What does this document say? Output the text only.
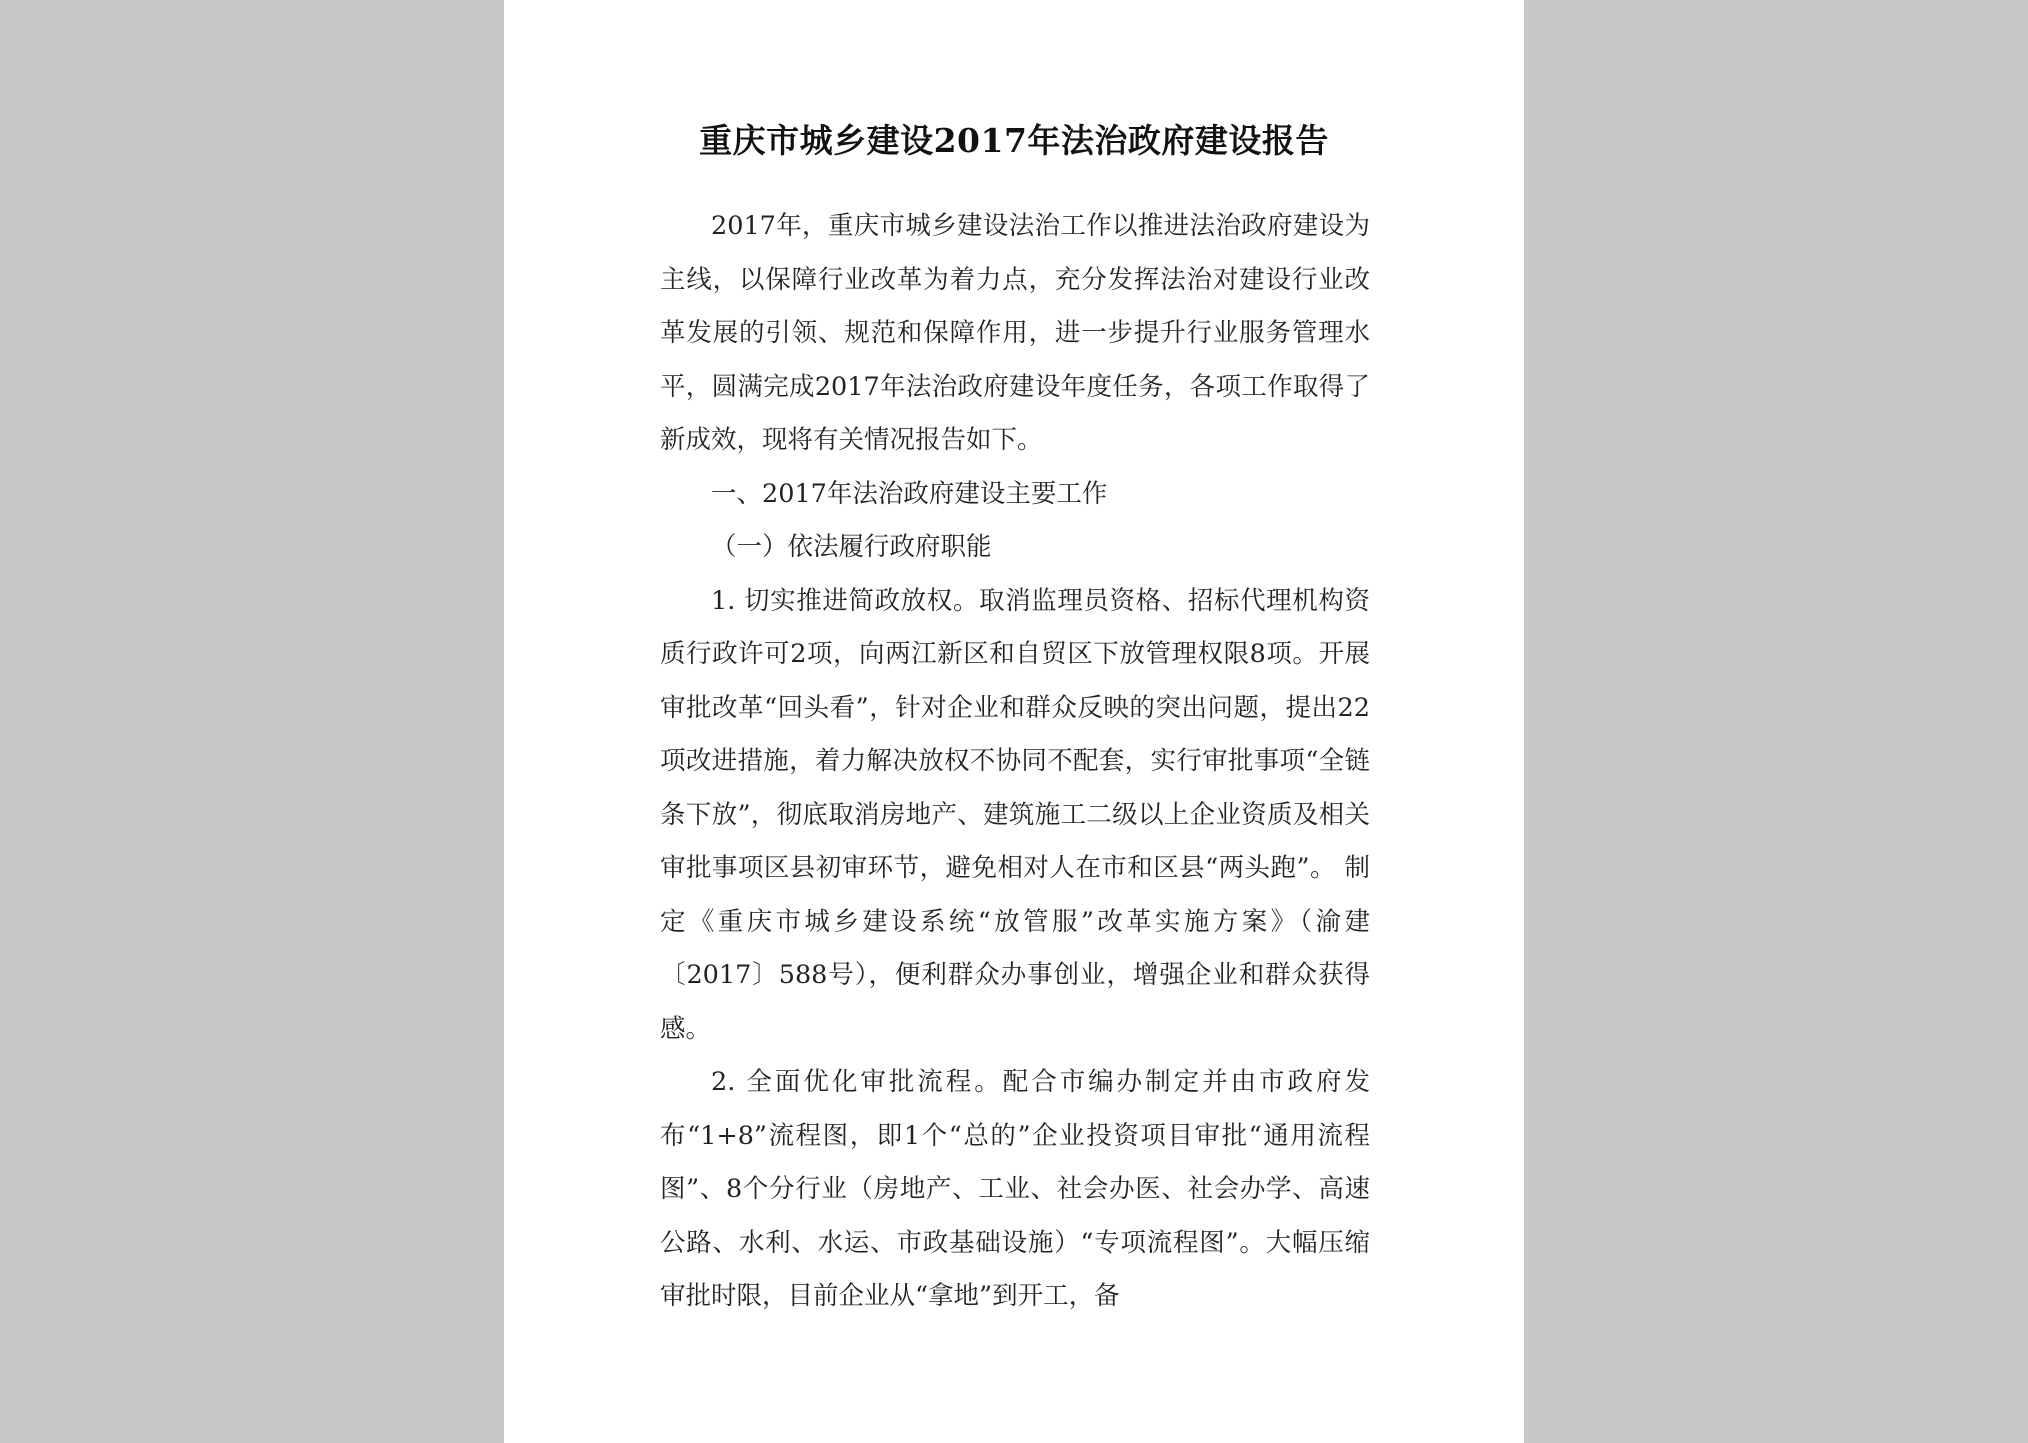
重庆市城乡建设2017年法治政府建设报告

2017年，重庆市城乡建设法治工作以推进法治政府建设为主线，以保障行业改革为着力点，充分发挥法治对建设行业改革发展的引领、规范和保障作用，进一步提升行业服务管理水平，圆满完成2017年法治政府建设年度任务，各项工作取得了新成效，现将有关情况报告如下。

一、2017年法治政府建设主要工作

（一）依法履行政府职能

1. 切实推进简政放权。取消监理员资格、招标代理机构资质行政许可2项，向两江新区和自贸区下放管理权限8项。开展审批改革“回头看”，针对企业和群众反映的突出问题，提出22项改进措施，着力解决放权不协同不配套，实行审批事项“全链条下放”，彻底取消房地产、建筑施工二级以上企业资质及相关审批事项区县初审环节，避免相对人在市和区县“两头跑”。 制定《重庆市城乡建设系统“放管服”改革实施方案》（渝建〔2017〕588号），便利群众办事创业，增强企业和群众获得感。

2. 全面优化审批流程。配合市编办制定并由市政府发布“1+8”流程图，即1个“总的”企业投资项目审批“通用流程图”、8个分行业（房地产、工业、社会办医、社会办学、高速公路、水利、水运、市政基础设施）“专项流程图”。大幅压缩审批时限，目前企业从“拿地”到开工，备
